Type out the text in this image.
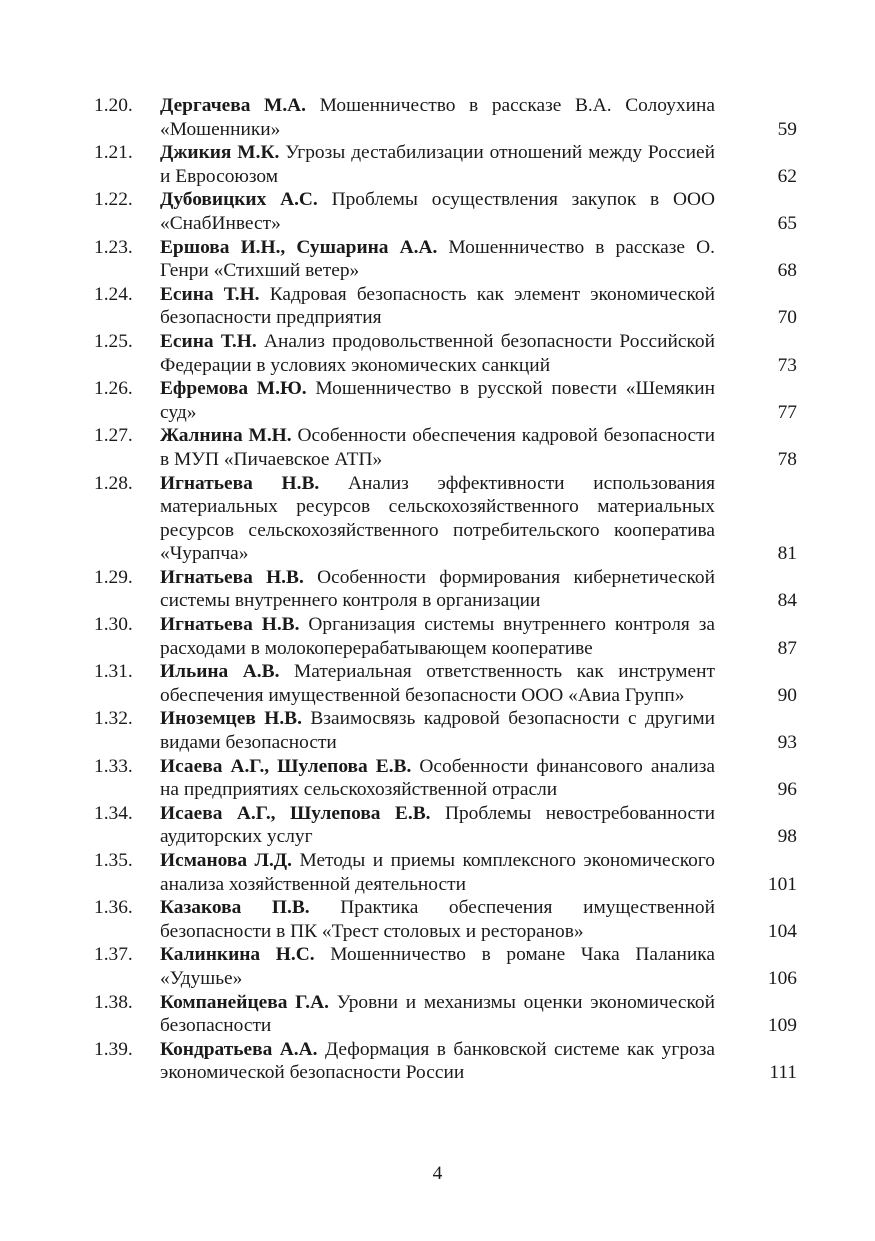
1.20.	Дергачева М.А. Мошенничество в рассказе В.А. Солоухина «Мошенники»	59
1.21.	Джикия М.К. Угрозы дестабилизации отношений между Россией и Евросоюзом	62
1.22.	Дубовицких А.С. Проблемы осуществления закупок в ООО «СнабИнвест»	65
1.23.	Ершова И.Н., Сушарина А.А. Мошенничество в рассказе О. Генри «Стихший ветер»	68
1.24.	Есина Т.Н. Кадровая безопасность как элемент экономической безопасности предприятия	70
1.25.	Есина Т.Н. Анализ продовольственной безопасности Российской Федерации в условиях экономических санкций	73
1.26.	Ефремова М.Ю. Мошенничество в русской повести «Шемякин суд»	77
1.27.	Жалнина М.Н. Особенности обеспечения кадровой безопасности в МУП «Пичаевское АТП»	78
1.28.	Игнатьева Н.В. Анализ эффективности использования материальных ресурсов сельскохозяйственного материальных ресурсов сельскохозяйственного потребительского кооператива «Чурапча»	81
1.29.	Игнатьева Н.В. Особенности формирования кибернетической системы внутреннего контроля в организации	84
1.30.	Игнатьева Н.В. Организация системы внутреннего контроля за расходами в молокоперерабатывающем кооперативе	87
1.31.	Ильина А.В. Материальная ответственность как инструмент обеспечения имущественной безопасности ООО «Авиа Групп»	90
1.32.	Иноземцев Н.В. Взаимосвязь кадровой безопасности с другими видами безопасности	93
1.33.	Исаева А.Г., Шулепова Е.В. Особенности финансового анализа на предприятиях сельскохозяйственной отрасли	96
1.34.	Исаева А.Г., Шулепова Е.В. Проблемы невостребованности аудиторских услуг	98
1.35.	Исманова Л.Д. Методы и приемы комплексного экономического анализа хозяйственной деятельности	101
1.36.	Казакова П.В. Практика обеспечения имущественной безопасности в ПК «Трест столовых и ресторанов»	104
1.37.	Калинкина Н.С. Мошенничество в романе Чака Паланика «Удушье»	106
1.38.	Компанейцева Г.А. Уровни и механизмы оценки экономической безопасности	109
1.39.	Кондратьева А.А. Деформация в банковской системе как угроза экономической безопасности России	111
4
